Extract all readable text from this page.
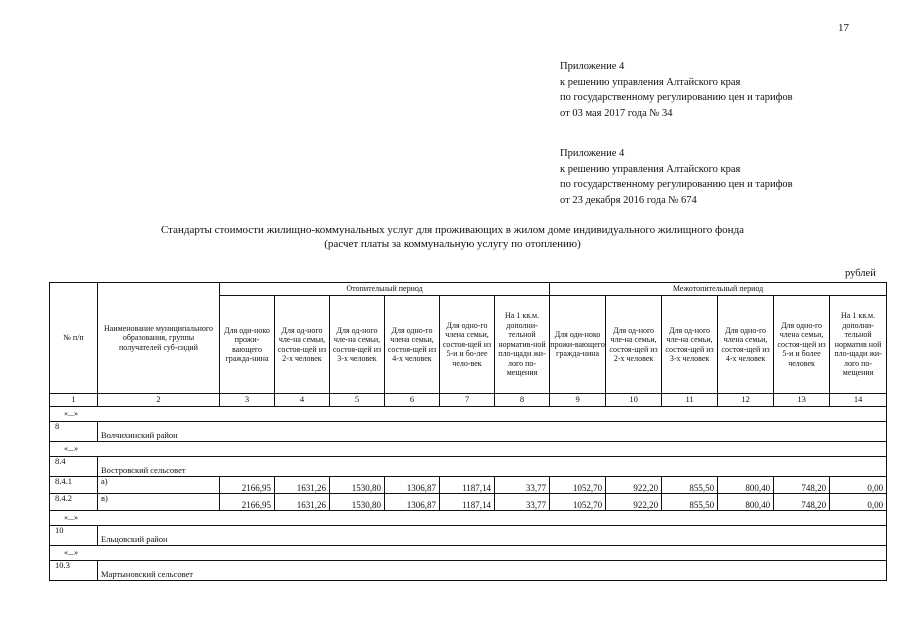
17
Приложение 4
к решению управления Алтайского края
по государственному регулированию цен и тарифов
от 03 мая 2017 года № 34
Приложение 4
к решению управления Алтайского края
по государственному регулированию цен и тарифов
от 23 декабря 2016 года № 674
Стандарты стоимости жилищно-коммунальных услуг для проживающих в жилом доме индивидуального жилищного фонда
(расчет платы за коммунальную услугу по отоплению)
рублей
№ п/п	Наименование муниципального образования, группы получателей суб-сидий	Отопительный период						Межотопительный период					
		Для оди-ноко прожи-вающего гражда-нина	Для од-ного чле-на семьи, состоя-щей из 2-х человек	Для од-ного чле-на семьи, состоя-щей из 3-х человек	Для одно-го члена семьи, состоя-щей из 4-х человек	Для одно-го члена семьи, состоя-щей из 5-и и бо-лее чело-век	На 1 кв.м. дополни-тельной норматив-ной пло-щади жи-лого по-мещения	Для оди-ноко прожи-вающего гражда-нина	Для од-ного чле-на семьи, состоя-щей из 2-х человек	Для од-ного чле-на семьи, состоя-щей из 3-х человек	Для одно-го члена семьи, состоя-щей из 4-х человек	Для одно-го члена семьи, состоя-щей из 5-и и более человек	На 1 кв.м. дополни-тельной норматив ной пло-щади жи-лого по-мещения
1	2	3	4	5	6	7	8	9	10	11	12	13	14
«...»													
8	Волчихинский район												
«...»													
8.4	Востровский сельсовет												
8.4.1	а)	2166,95	1631,26	1530,80	1306,87	1187,14	33,77	1052,70	922,20	855,50	800,40	748,20	0,00
8.4.2	в)	2166,95	1631,26	1530,80	1306,87	1187,14	33,77	1052,70	922,20	855,50	800,40	748,20	0,00
«...»													
10	Ельцовский район												
«...»													
10.3	Мартыновский сельсовет												
